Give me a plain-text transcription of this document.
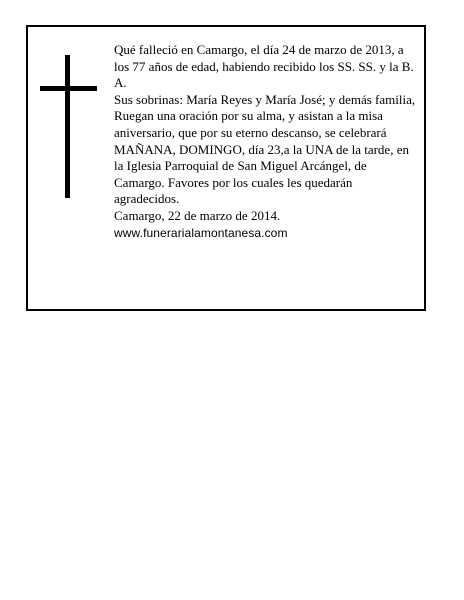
Qué falleció en Camargo, el día 24 de marzo de 2013, a los 77 años de edad, habiendo recibido los SS. SS. y la B. A.

Sus sobrinas: María Reyes y María José; y demás familia,

Ruegan una oración por su alma, y asistan a la misa aniversario, que por su eterno descanso, se celebrará MAÑANA, DOMINGO, día 23,a la UNA de la tarde, en la Iglesia Parroquial de San Miguel Arcángel, de Camargo. Favores por los cuales les quedarán agradecidos.

Camargo, 22 de marzo de 2014.

www.funerarialamontanesa.com
